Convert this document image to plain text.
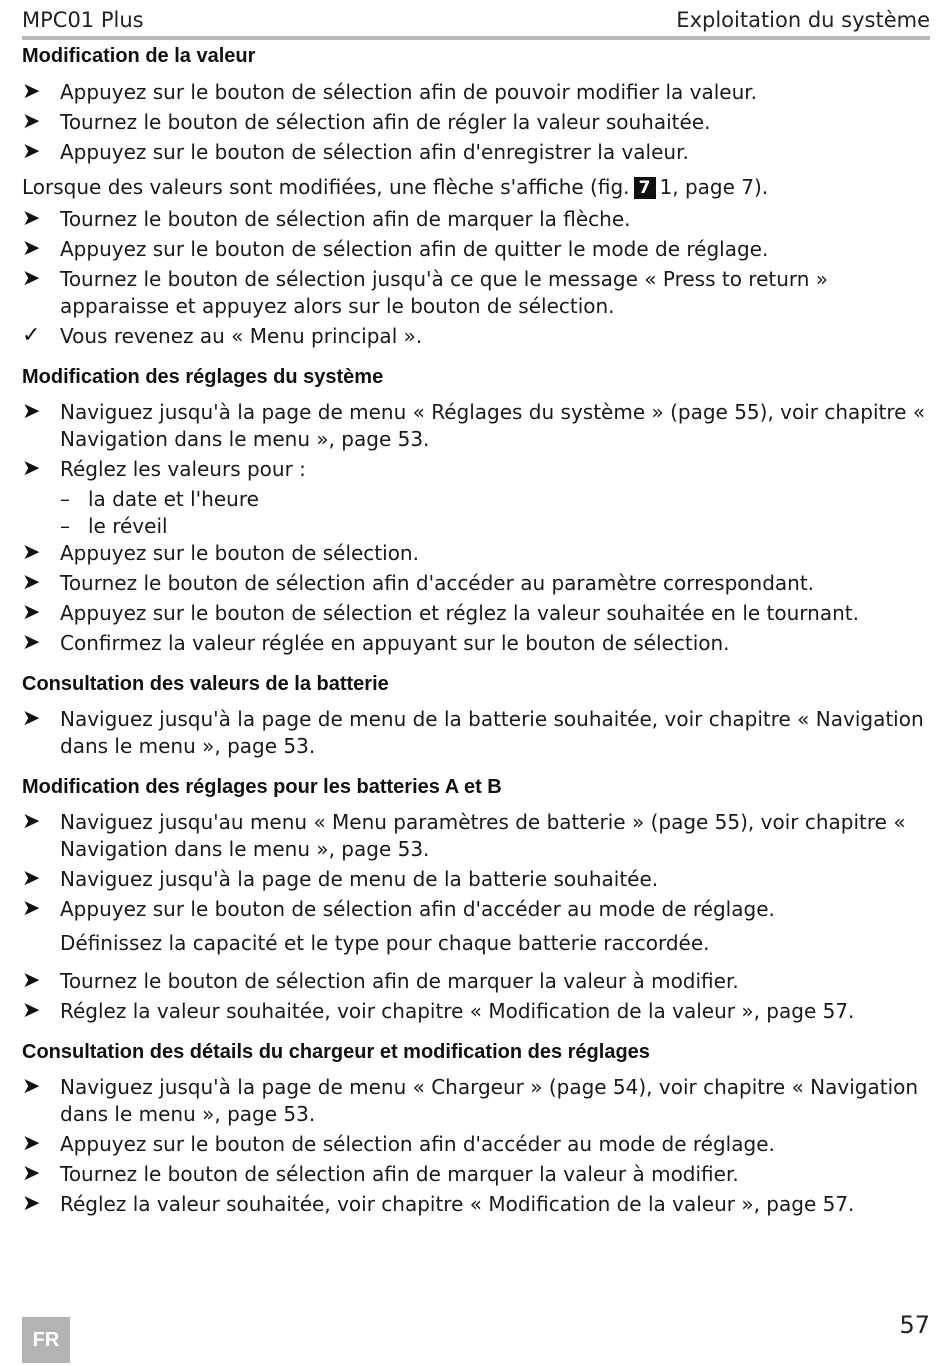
MPC01 Plus	Exploitation du système
Modification de la valeur
➤ Appuyez sur le bouton de sélection afin de pouvoir modifier la valeur.
➤ Tournez le bouton de sélection afin de régler la valeur souhaitée.
➤ Appuyez sur le bouton de sélection afin d'enregistrer la valeur.
Lorsque des valeurs sont modifiées, une flèche s'affiche (fig. 7 1, page 7).
➤ Tournez le bouton de sélection afin de marquer la flèche.
➤ Appuyez sur le bouton de sélection afin de quitter le mode de réglage.
➤ Tournez le bouton de sélection jusqu'à ce que le message « Press to return » apparaisse et appuyez alors sur le bouton de sélection.
✓ Vous revenez au « Menu principal ».
Modification des réglages du système
➤ Naviguez jusqu'à la page de menu « Réglages du système » (page 55), voir chapitre « Navigation dans le menu », page 53.
➤ Réglez les valeurs pour :
– la date et l'heure
– le réveil
➤ Appuyez sur le bouton de sélection.
➤ Tournez le bouton de sélection afin d'accéder au paramètre correspondant.
➤ Appuyez sur le bouton de sélection et réglez la valeur souhaitée en le tournant.
➤ Confirmez la valeur réglée en appuyant sur le bouton de sélection.
Consultation des valeurs de la batterie
➤ Naviguez jusqu'à la page de menu de la batterie souhaitée, voir chapitre « Navigation dans le menu », page 53.
Modification des réglages pour les batteries A et B
➤ Naviguez jusqu'au menu « Menu paramètres de batterie » (page 55), voir chapitre « Navigation dans le menu », page 53.
➤ Naviguez jusqu'à la page de menu de la batterie souhaitée.
➤ Appuyez sur le bouton de sélection afin d'accéder au mode de réglage.
Définissez la capacité et le type pour chaque batterie raccordée.
➤ Tournez le bouton de sélection afin de marquer la valeur à modifier.
➤ Réglez la valeur souhaitée, voir chapitre « Modification de la valeur », page 57.
Consultation des détails du chargeur et modification des réglages
➤ Naviguez jusqu'à la page de menu « Chargeur » (page 54), voir chapitre « Navigation dans le menu », page 53.
➤ Appuyez sur le bouton de sélection afin d'accéder au mode de réglage.
➤ Tournez le bouton de sélection afin de marquer la valeur à modifier.
➤ Réglez la valeur souhaitée, voir chapitre « Modification de la valeur », page 57.
FR
57
